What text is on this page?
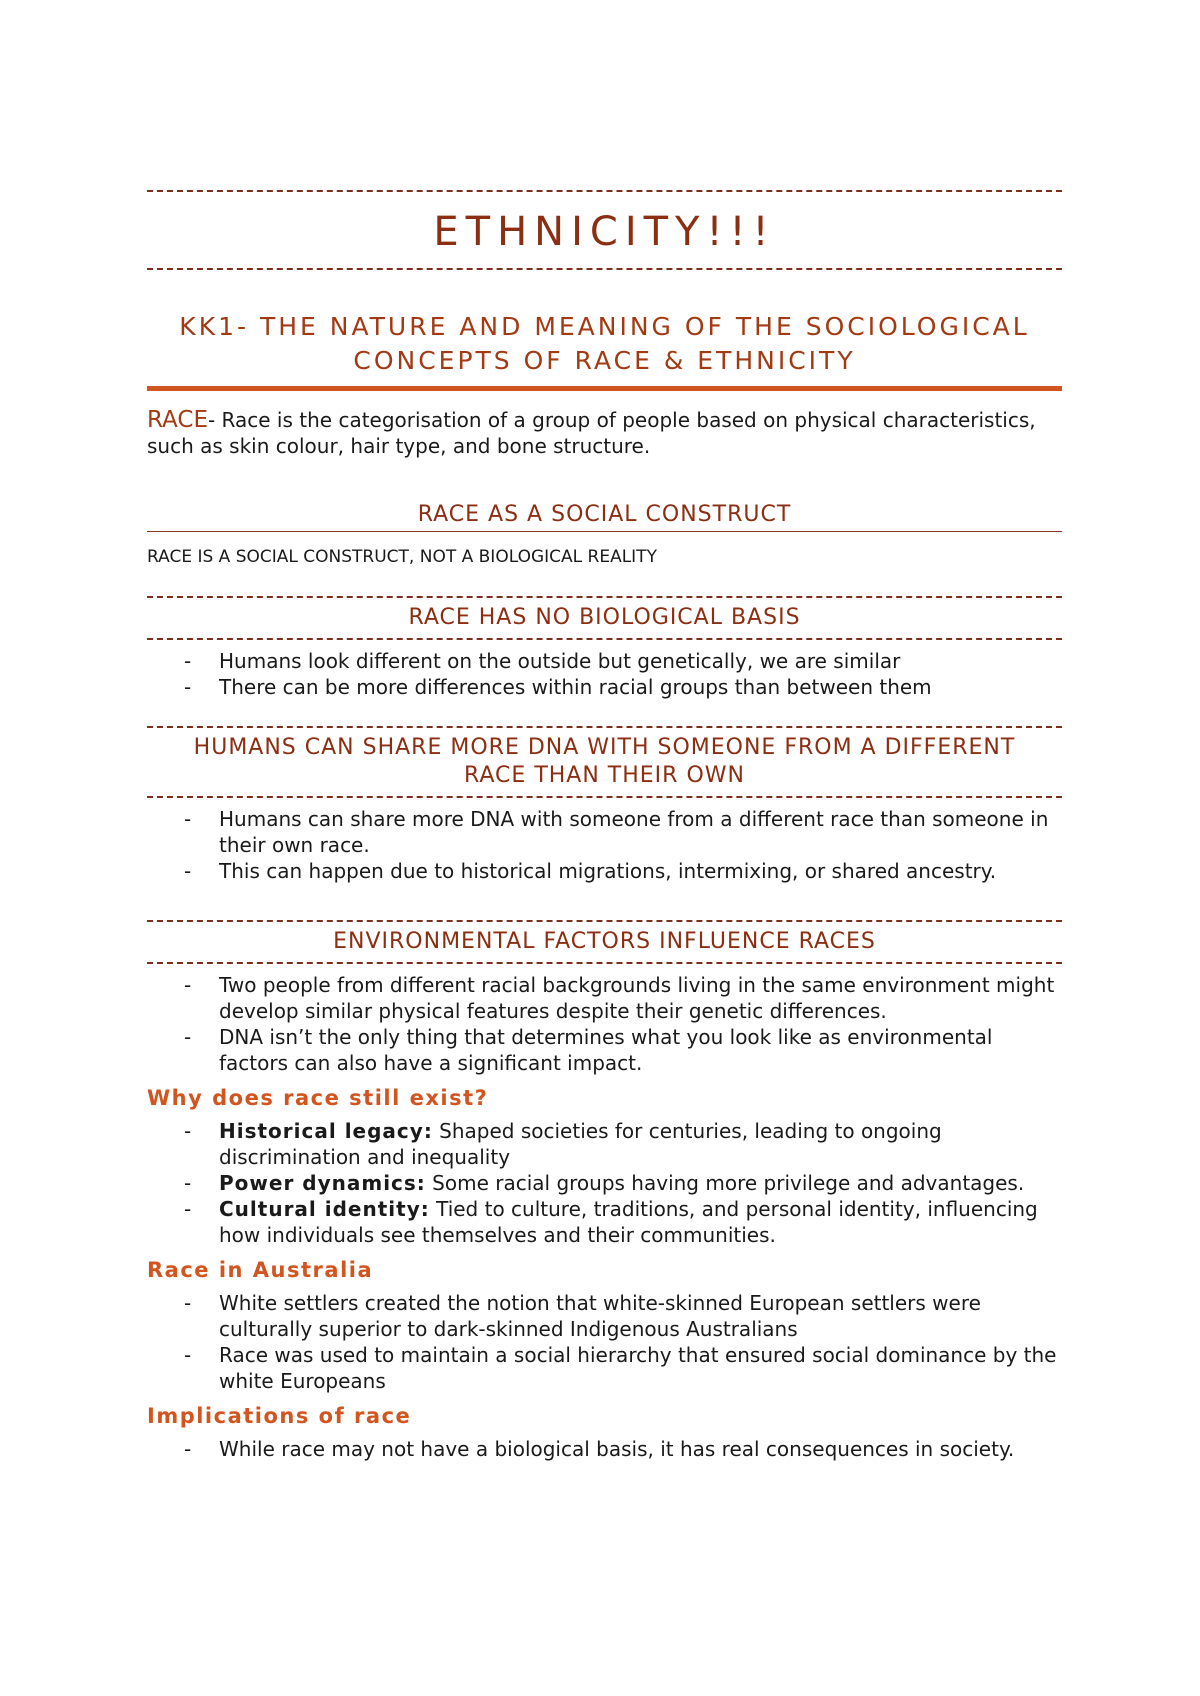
ETHNICITY!!!
KK1- THE NATURE AND MEANING OF THE SOCIOLOGICAL
CONCEPTS OF RACE & ETHNICITY

RACE- Race is the categorisation of a group of people based on physical characteristics, such as skin colour, hair type, and bone structure.

RACE AS A SOCIAL CONSTRUCT
RACE IS A SOCIAL CONSTRUCT, NOT A BIOLOGICAL REALITY
RACE HAS NO BIOLOGICAL BASIS
- Humans look different on the outside but genetically, we are similar
- There can be more differences within racial groups than between them
HUMANS CAN SHARE MORE DNA WITH SOMEONE FROM A DIFFERENT
RACE THAN THEIR OWN
- Humans can share more DNA with someone from a different race than someone in their own race.
- This can happen due to historical migrations, intermixing, or shared ancestry.
ENVIRONMENTAL FACTORS INFLUENCE RACES
- Two people from different racial backgrounds living in the same environment might develop similar physical features despite their genetic differences.
- DNA isn’t the only thing that determines what you look like as environmental factors can also have a significant impact.
Why does race still exist?
- Historical legacy: Shaped societies for centuries, leading to ongoing discrimination and inequality
- Power dynamics: Some racial groups having more privilege and advantages.
- Cultural identity: Tied to culture, traditions, and personal identity, influencing how individuals see themselves and their communities.
Race in Australia
- White settlers created the notion that white-skinned European settlers were culturally superior to dark-skinned Indigenous Australians
- Race was used to maintain a social hierarchy that ensured social dominance by the white Europeans
Implications of race
- While race may not have a biological basis, it has real consequences in society.
